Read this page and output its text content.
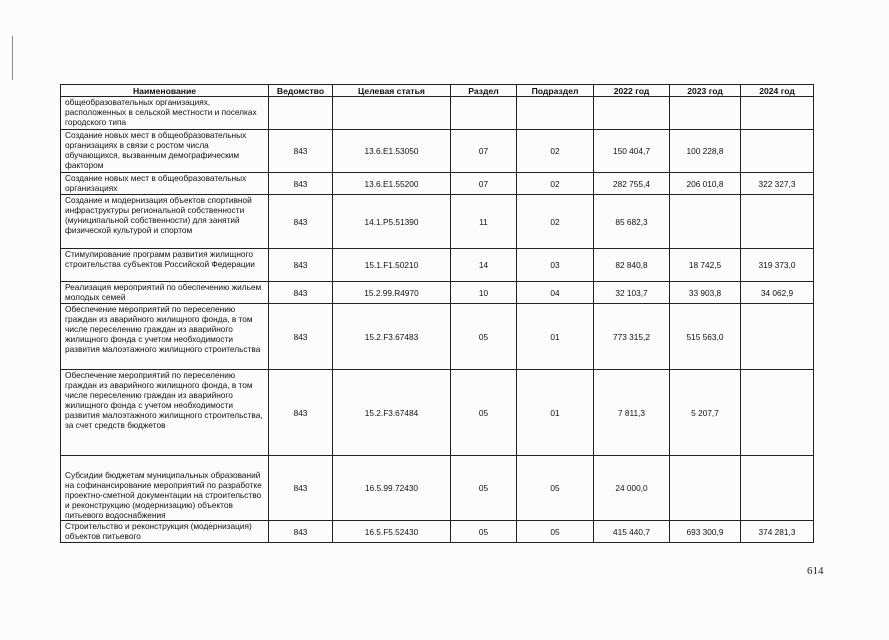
Наименование	Ведомство	Целевая статья	Раздел	Подраздел	2022 год	2023 год	2024 год
общеобразовательных организациях, расположенных в сельской местности и поселках городского типа							
Создание новых мест в общеобразовательных организациях в связи с ростом числа обучающихся, вызванным демографическим фактором	843	13.6.E1.53050	07	02	150 404,7	100 228,8	
Создание новых мест в общеобразовательных организациях	843	13.6.E1.55200	07	02	282 755,4	206 010,8	322 327,3
Создание и модернизация объектов спортивной инфраструктуры региональной собственности (муниципальной собственности) для занятий физической культурой и спортом	843	14.1.P5.51390	11	02	85 682,3		
Стимулирование программ развития жилищного строительства субъектов Российской Федерации	843	15.1.F1.50210	14	03	82 840,8	18 742,5	319 373,0
Реализация мероприятий по обеспечению жильем молодых семей	843	15.2.99.R4970	10	04	32 103,7	33 903,8	34 062,9
Обеспечение мероприятий по переселению граждан из аварийного жилищного фонда, в том числе переселению граждан из аварийного жилищного фонда с учетом необходимости развития малоэтажного жилищного строительства	843	15.2.F3.67483	05	01	773 315,2	515 563,0	
Обеспечение мероприятий по переселению граждан из аварийного жилищного фонда, в том числе переселению граждан из аварийного жилищного фонда с учетом необходимости развития малоэтажного жилищного строительства, за счет средств бюджетов	843	15.2.F3.67484	05	01	7 811,3	5 207,7	
Субсидии бюджетам муниципальных образований на софинансирование мероприятий по разработке проектно-сметной документации на строительство и реконструкцию (модернизацию) объектов питьевого водоснабжения	843	16.5.99.72430	05	05	24 000,0		
Строительство и реконструкция (модернизация) объектов питьевого	843	16.5.F5.52430	05	05	415 440,7	693 300,9	374 281,3
614
